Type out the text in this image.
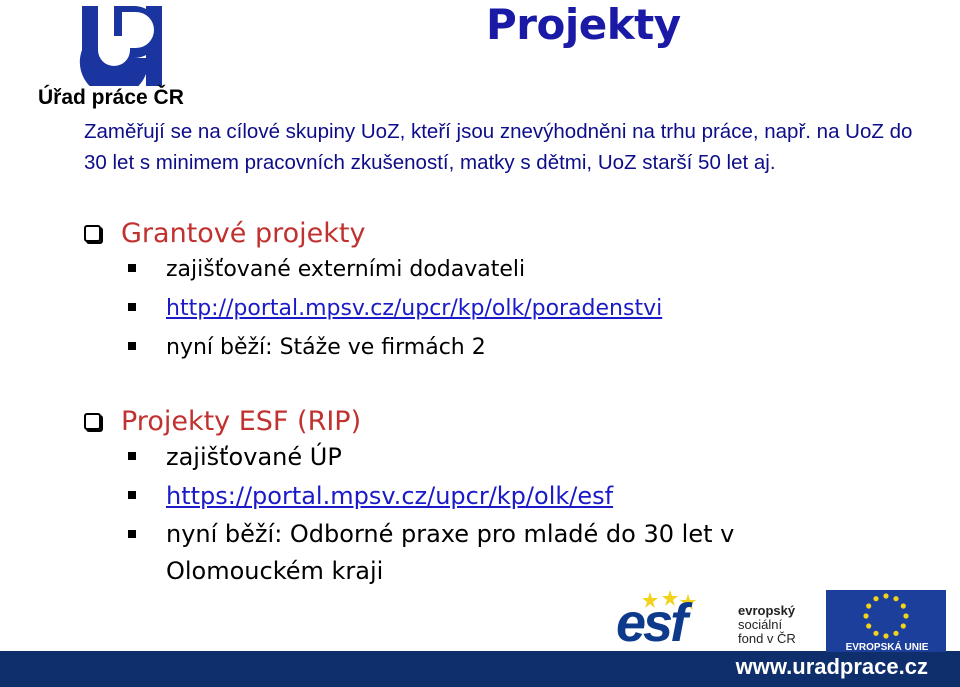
Úřad práce ČR
Projekty
Zaměřují se na cílové skupiny UoZ, kteří jsou znevýhodněni na trhu práce, např. na UoZ do 30 let s minimem pracovních zkušeností, matky s dětmi, UoZ starší 50 let aj.
Grantové projekty
zajišťované externími dodavateli
http://portal.mpsv.cz/upcr/kp/olk/poradenstvi
nyní běží: Stáže ve firmách 2
Projekty ESF (RIP)
zajišťované ÚP
https://portal.mpsv.cz/upcr/kp/olk/esf
nyní běží: Odborné praxe pro mladé do 30 let v Olomouckém kraji
esf	evropský
sociální
fond v ČR
EVROPSKÁ UNIE
www.uradprace.cz
